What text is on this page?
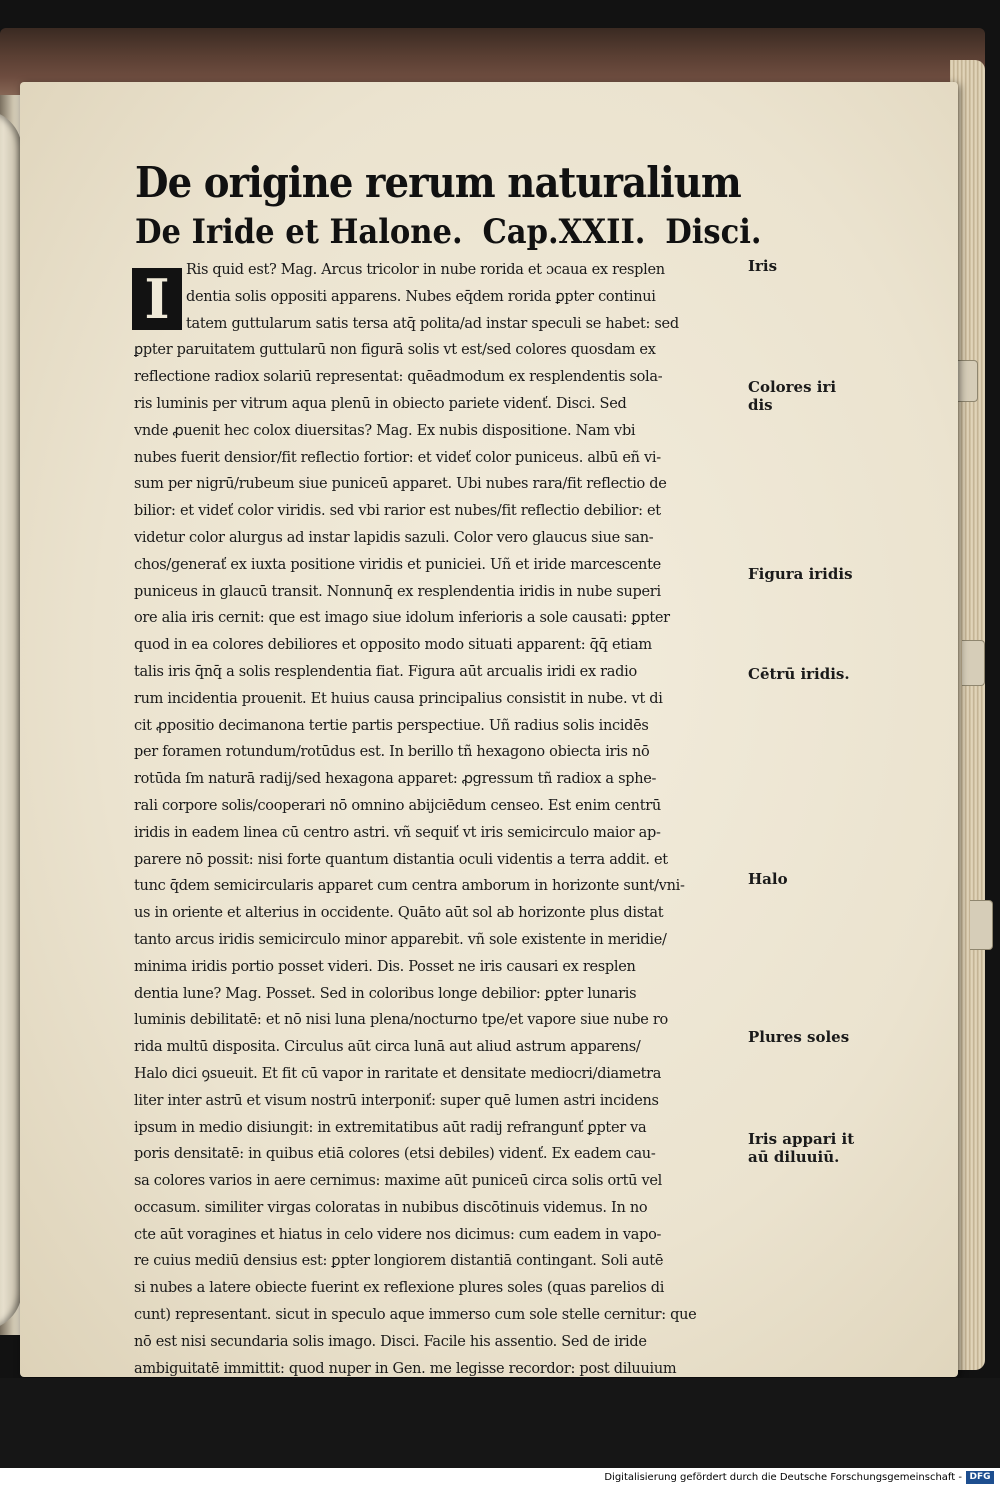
De origine rerum naturalium
De Iride et Halone. Cap.XXII. Disci.
I	Ris quid est? Mag. Arcus tricolor in nube rorida et ɔcaua ex resplen
dentia solis oppositi apparens. Nubes eq̄dem rorida ꝑpter continui
tatem guttularum satis tersa atq̄ polita/ad instar speculi se habet: sed
ꝑpter paruitatem guttularū non figurā solis vt est/sed colores quosdam ex
reflectione radiox solariū representat: quēadmodum ex resplendentis sola-
ris luminis per vitrum aqua plenū in obiecto pariete videnť. Disci. Sed
vnde ꝓuenit hec colox diuersitas? Mag. Ex nubis dispositione. Nam vbi
nubes fuerit densior/fit reflectio fortior: et videť color puniceus. albū eñ vi-
sum per nigrū/rubeum siue puniceū apparet. Ubi nubes rara/fit reflectio de
bilior: et videť color viridis. sed vbi rarior est nubes/fit reflectio debilior: et
videtur color alurgus ad instar lapidis sazuli. Color vero glaucus siue san-
chos/generať ex iuxta positione viridis et puniciei. Uñ et iride marcescente
puniceus in glaucū transit. Nonnunq̄ ex resplendentia iridis in nube superi
ore alia iris cernit: que est imago siue idolum inferioris a sole causati: ꝑpter
quod in ea colores debiliores et opposito modo situati apparent: q̄q̄ etiam
talis iris q̄nq̄ a solis resplendentia fiat. Figura aūt arcualis iridi ex radio
rum incidentia prouenit. Et huius causa principalius consistit in nube. vt di
cit ꝓpositio decimanona tertie partis perspectiue. Uñ radius solis incidēs
per foramen rotundum/rotūdus est. In berillo tñ hexagono obiecta iris nō
rotūda ſm naturā radij/sed hexagona apparet: ꝓgressum tñ radiox a sphe-
rali corpore solis/cooperari nō omnino abijciēdum censeo. Est enim centrū
iridis in eadem linea cū centro astri. vñ sequiť vt iris semicirculo maior ap-
parere nō possit: nisi forte quantum distantia oculi videntis a terra addit. et
tunc q̄dem semicircularis apparet cum centra amborum in horizonte sunt/vni-
us in oriente et alterius in occidente. Quāto aūt sol ab horizonte plus distat
tanto arcus iridis semicirculo minor apparebit. vñ sole existente in meridie/
minima iridis portio posset videri. Dis. Posset ne iris causari ex resplen
dentia lune? Mag. Posset. Sed in coloribus longe debilior: ꝑpter lunaris
luminis debilitatē: et nō nisi luna plena/nocturno tpe/et vapore siue nube ro
rida multū disposita. Circulus aūt circa lunā aut aliud astrum apparens/
Halo dici ꝯsueuit. Et fit cū vapor in raritate et densitate mediocri/diametra
liter inter astrū et visum nostrū interponiť: super quē lumen astri incidens
ipsum in medio disiungit: in extremitatibus aūt radij refrangunť ꝑpter va
poris densitatē: in quibus etiā colores (etsi debiles) videnť. Ex eadem cau-
sa colores varios in aere cernimus: maxime aūt puniceū circa solis ortū vel
occasum. similiter virgas coloratas in nubibus discōtinuis videmus. In no
cte aūt voragines et hiatus in celo videre nos dicimus: cum eadem in vapo-
re cuius mediū densius est: ꝑpter longiorem distantiā contingant. Soli autē
si nubes a latere obiecte fuerint ex reflexione plures soles (quas parelios di
cunt) representant. sicut in speculo aque immerso cum sole stelle cernitur: que
nō est nisi secundaria solis imago. Disci. Facile his assentio. Sed de iride
ambiguitatē immittit: quod nuper in Gen. me legisse recordor: post diluuium
Iris
Colores iri dis
Figura iridis
Cētrū iridis.
Halo
Plures soles
Iris appari it aū diluuiū.
Digitalisierung gefördert durch die Deutsche Forschungsgemeinschaft - DFG
